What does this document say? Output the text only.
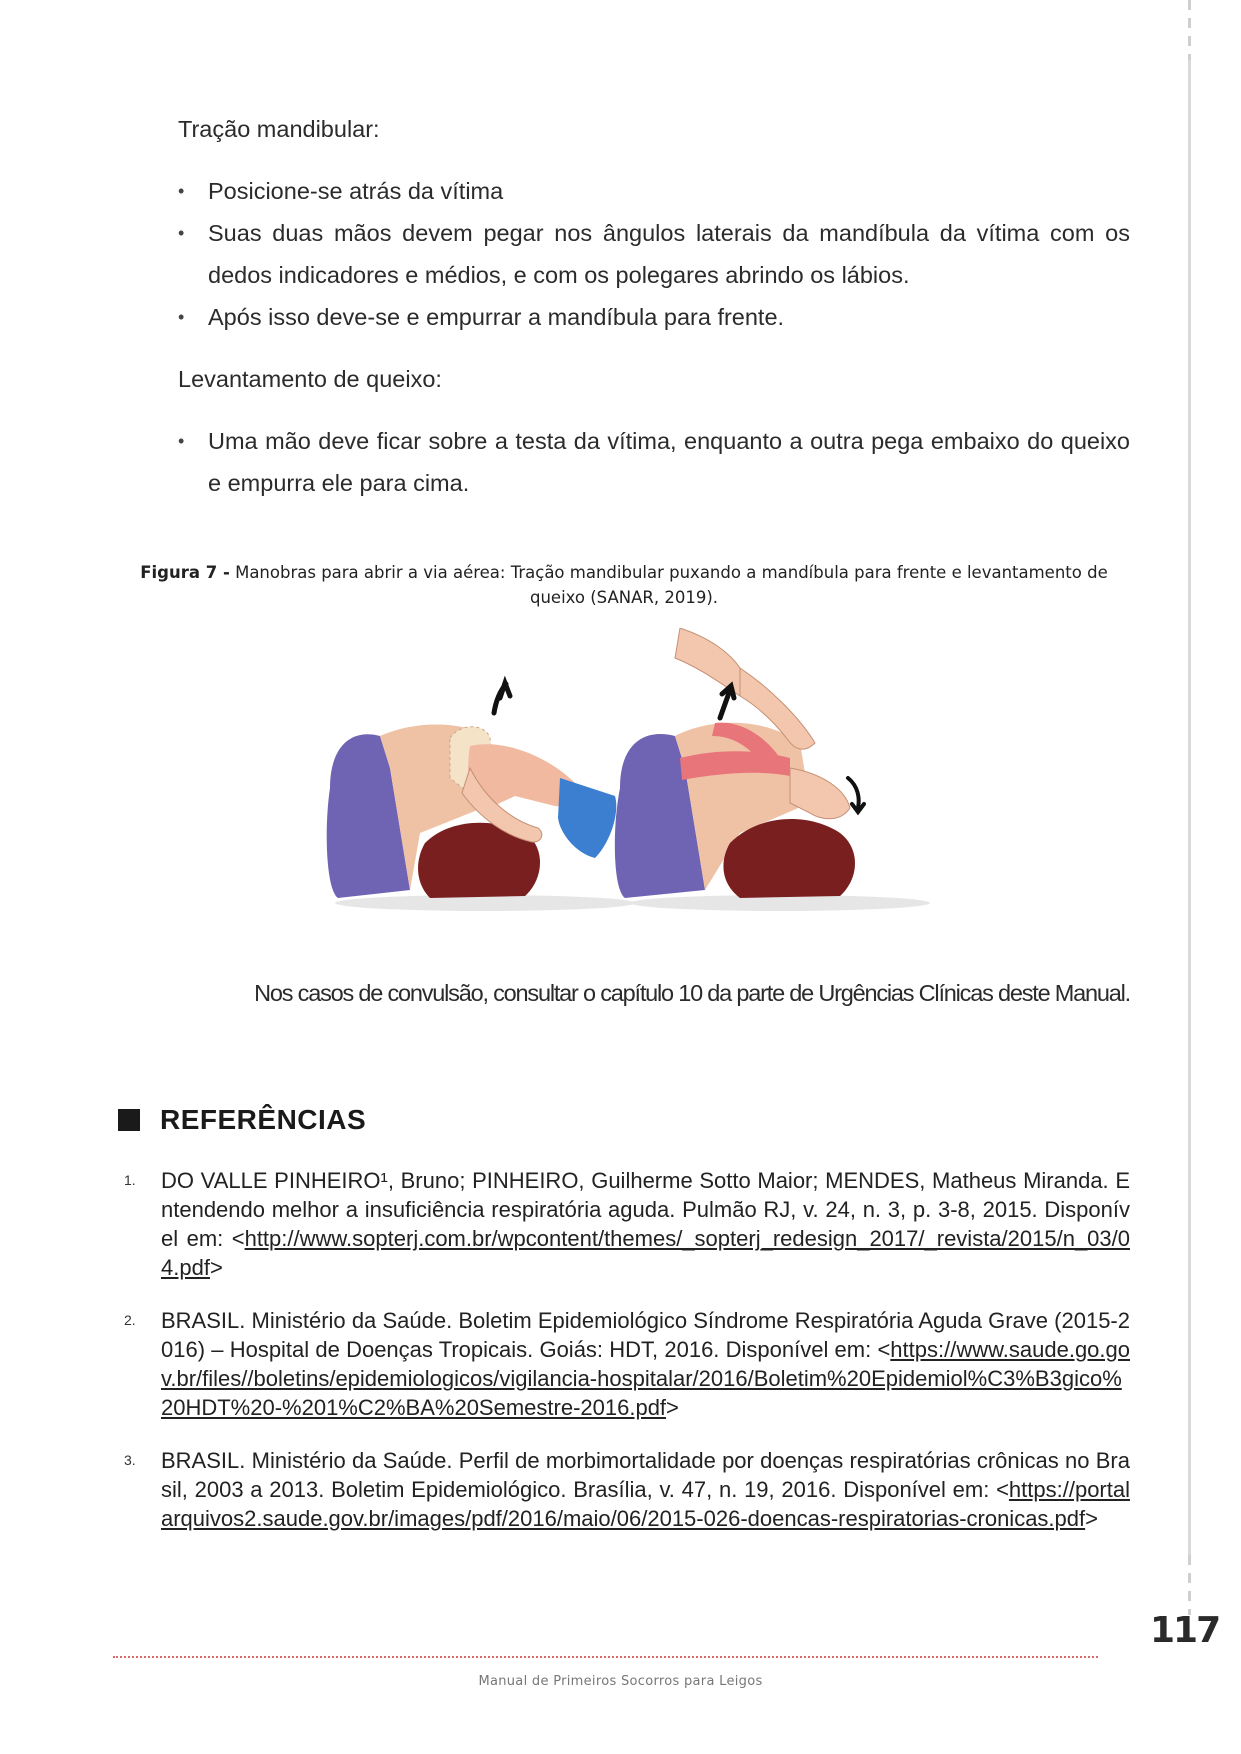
Tração mandibular:

• Posicione-se atrás da vítima
• Suas duas mãos devem pegar nos ângulos laterais da mandíbula da vítima com os dedos indicadores e médios, e com os polegares abrindo os lábios.
• Após isso deve-se e empurrar a mandíbula para frente.

Levantamento de queixo:

• Uma mão deve ficar sobre a testa da vítima, enquanto a outra pega embaixo do queixo e empurra ele para cima.
Figura 7 - Manobras para abrir a via aérea: Tração mandibular puxando a mandíbula para frente e levantamento de queixo (SANAR, 2019).
Nos casos de convulsão, consultar o capítulo 10 da parte de Urgências Clínicas deste Manual.
REFERÊNCIAS
1. DO VALLE PINHEIRO¹, Bruno; PINHEIRO, Guilherme Sotto Maior; MENDES, Matheus Miranda. Entendendo melhor a insuficiência respiratória aguda. Pulmão RJ, v. 24, n. 3, p. 3-8, 2015. Disponível em: <http://www.sopterj.com.br/wpcontent/themes/_sopterj_redesign_2017/_revista/2015/n_03/04.pdf>
2. BRASIL. Ministério da Saúde. Boletim Epidemiológico Síndrome Respiratória Aguda Grave (2015-2016) – Hospital de Doenças Tropicais. Goiás: HDT, 2016. Disponível em: <https://www.saude.go.gov.br/files//boletins/epidemiologicos/vigilancia-hospitalar/2016/Boletim%20Epidemiol%C3%B3gico%20HDT%20-%201%C2%BA%20Semestre-2016.pdf>
3. BRASIL. Ministério da Saúde. Perfil de morbimortalidade por doenças respiratórias crônicas no Brasil, 2003 a 2013. Boletim Epidemiológico. Brasília, v. 47, n. 19, 2016. Disponível em: <https://portalarquivos2.saude.gov.br/images/pdf/2016/maio/06/2015-026-doencas-respiratorias-cronicas.pdf>
117
Manual de Primeiros Socorros para Leigos
